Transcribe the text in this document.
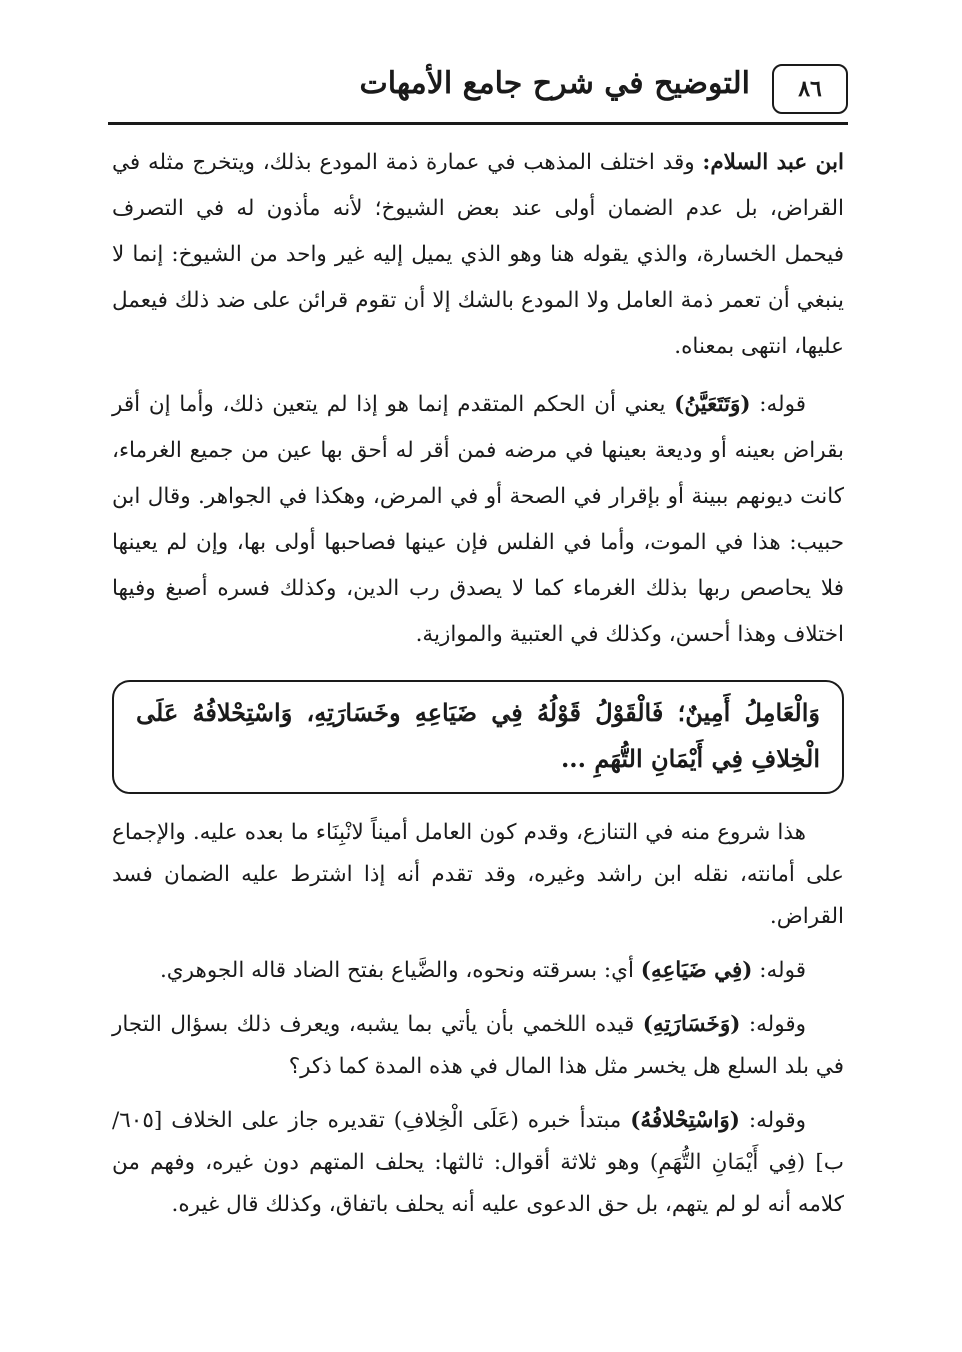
٨٦
التوضيح في شرح جامع الأمهات

ابن عبد السلام: وقد اختلف المذهب في عمارة ذمة المودع بذلك، ويتخرج مثله في القراض، بل عدم الضمان أولى عند بعض الشيوخ؛ لأنه مأذون له في التصرف فيحمل الخسارة، والذي يقوله هنا وهو الذي يميل إليه غير واحد من الشيوخ: إنما لا ينبغي أن تعمر ذمة العامل ولا المودع بالشك إلا أن تقوم قرائن على ضد ذلك فيعمل عليها، انتهى بمعناه.

قوله: (وَتَتَعَيَّنُ) يعني أن الحكم المتقدم إنما هو إذا لم يتعين ذلك، وأما إن أقر بقراض بعينه أو وديعة بعينها في مرضه فمن أقر له أحق بها عين من جميع الغرماء، كانت ديونهم ببينة أو بإقرار في الصحة أو في المرض، وهكذا في الجواهر. وقال ابن حبيب: هذا في الموت، وأما في الفلس فإن عينها فصاحبها أولى بها، وإن لم يعينها فلا يحاصص ربها بذلك الغرماء كما لا يصدق رب الدين، وكذلك فسره أصبغ وفيها اختلاف وهذا أحسن، وكذلك في العتبية والموازية.

وَالْعَامِلُ أَمِينٌ؛ فَالْقَوْلُ قَوْلُهُ فِي ضَيَاعِهِ وخَسَارَتِهِ، وَاسْتِحْلافُهُ عَلَى الْخِلافِ فِي أَيْمَانِ التُّهَمِ ...

هذا شروع منه في التنازع، وقدم كون العامل أميناً لانْبِنَاء ما بعده عليه. والإجماع على أمانته، نقله ابن راشد وغيره، وقد تقدم أنه إذا اشترط عليه الضمان فسد القراض.

قوله: (فِي ضَيَاعِهِ) أي: بسرقته ونحوه، والضَّياع بفتح الضاد قاله الجوهري.

وقوله: (وَخَسَارَتِهِ) قيده اللخمي بأن يأتي بما يشبه، ويعرف ذلك بسؤال التجار في بلد السلع هل يخسر مثل هذا المال في هذه المدة كما ذكر؟

وقوله: (وَاسْتِحْلافُهُ) مبتدأ خبره (عَلَى الْخِلافِ) تقديره جاز على الخلاف [٦٠٥/ ب] (فِي أَيْمَانِ التُّهَمِ) وهو ثلاثة أقوال: ثالثها: يحلف المتهم دون غيره، وفهم من كلامه أنه لو لم يتهم، بل حق الدعوى عليه أنه يحلف باتفاق، وكذلك قال غيره.
